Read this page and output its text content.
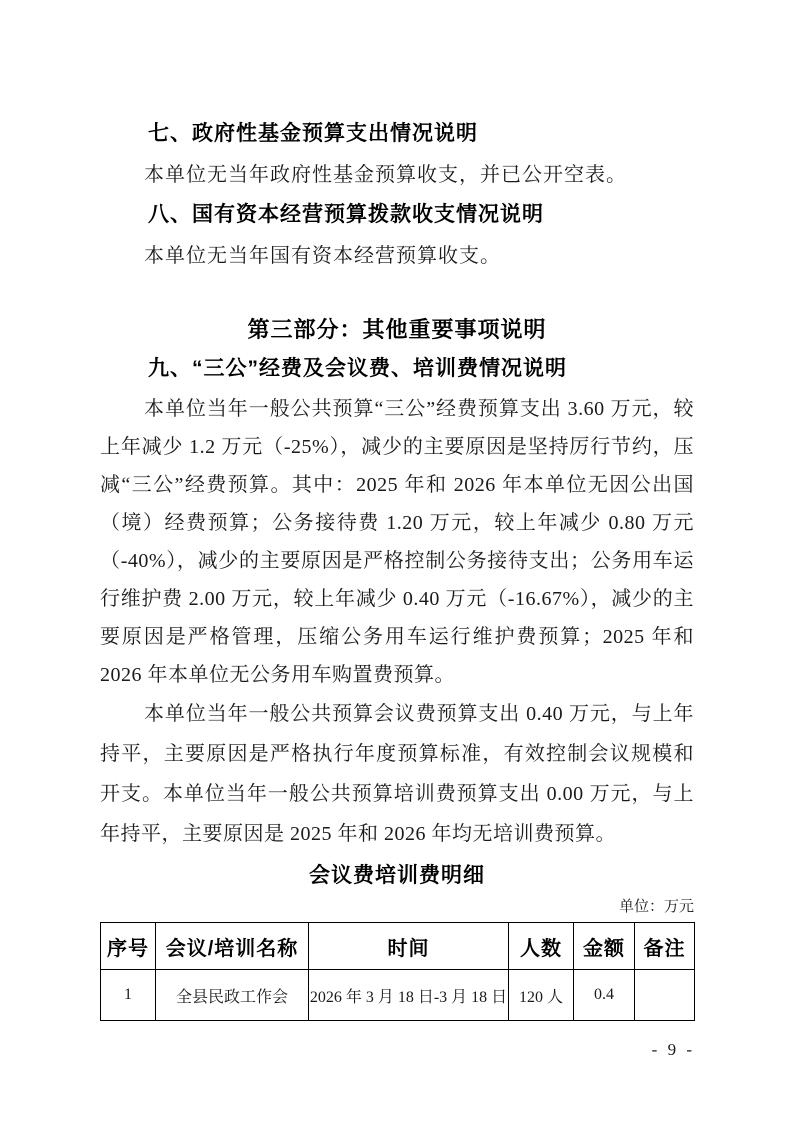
七、政府性基金预算支出情况说明
本单位无当年政府性基金预算收支，并已公开空表。
八、国有资本经营预算拨款收支情况说明
本单位无当年国有资本经营预算收支。
第三部分：其他重要事项说明
九、“三公”经费及会议费、培训费情况说明

本单位当年一般公共预算“三公”经费预算支出 3.60 万元，较上年减少 1.2 万元（-25%），减少的主要原因是坚持厉行节约，压减“三公”经费预算。其中：2025 年和 2026 年本单位无因公出国（境）经费预算；公务接待费 1.20 万元，较上年减少 0.80 万元（-40%），减少的主要原因是严格控制公务接待支出；公务用车运行维护费 2.00 万元，较上年减少 0.40 万元（-16.67%），减少的主要原因是严格管理，压缩公务用车运行维护费预算；2025 年和 2026 年本单位无公务用车购置费预算。

本单位当年一般公共预算会议费预算支出 0.40 万元，与上年持平，主要原因是严格执行年度预算标准，有效控制会议规模和开支。本单位当年一般公共预算培训费预算支出 0.00 万元，与上年持平，主要原因是 2025 年和 2026 年均无培训费预算。

会议费培训费明细
单位：万元
序号	会议/培训名称	时间	人数	金额	备注
1	全县民政工作会	2026 年 3 月 18 日-3 月 18 日	120 人	0.4	
- 9 -
